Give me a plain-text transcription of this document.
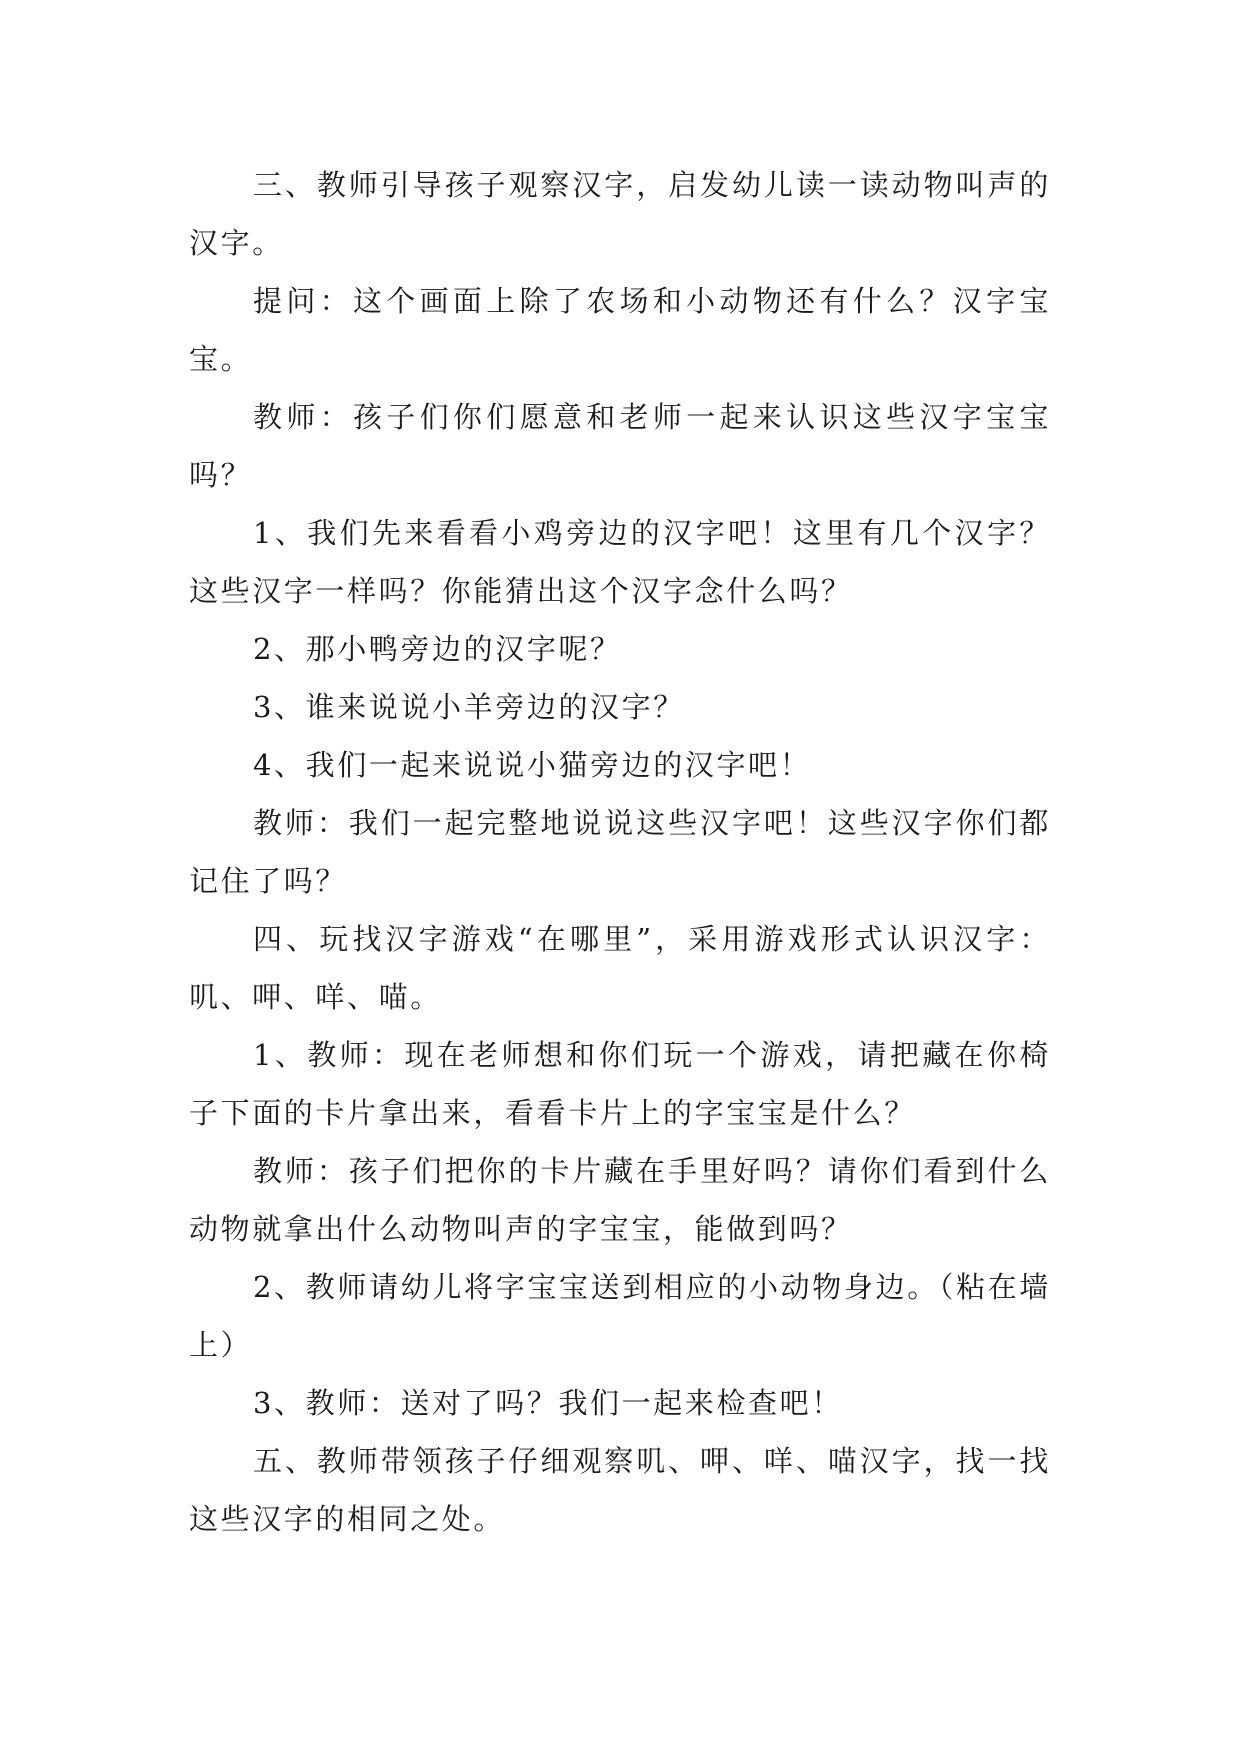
三、教师引导孩子观察汉字，启发幼儿读一读动物叫声的汉字。

提问：这个画面上除了农场和小动物还有什么？汉字宝宝。

教师：孩子们你们愿意和老师一起来认识这些汉字宝宝吗？

1、我们先来看看小鸡旁边的汉字吧！这里有几个汉字？这些汉字一样吗？你能猜出这个汉字念什么吗？

2、那小鸭旁边的汉字呢？

3、谁来说说小羊旁边的汉字？

4、我们一起来说说小猫旁边的汉字吧！

教师：我们一起完整地说说这些汉字吧！这些汉字你们都记住了吗？

四、玩找汉字游戏“在哪里”，采用游戏形式认识汉字：叽、呷、咩、喵。

1、教师：现在老师想和你们玩一个游戏，请把藏在你椅子下面的卡片拿出来，看看卡片上的字宝宝是什么？

教师：孩子们把你的卡片藏在手里好吗？请你们看到什么动物就拿出什么动物叫声的字宝宝，能做到吗？

2、教师请幼儿将字宝宝送到相应的小动物身边。（粘在墙上）

3、教师：送对了吗？我们一起来检查吧！

五、教师带领孩子仔细观察叽、呷、咩、喵汉字，找一找这些汉字的相同之处。
